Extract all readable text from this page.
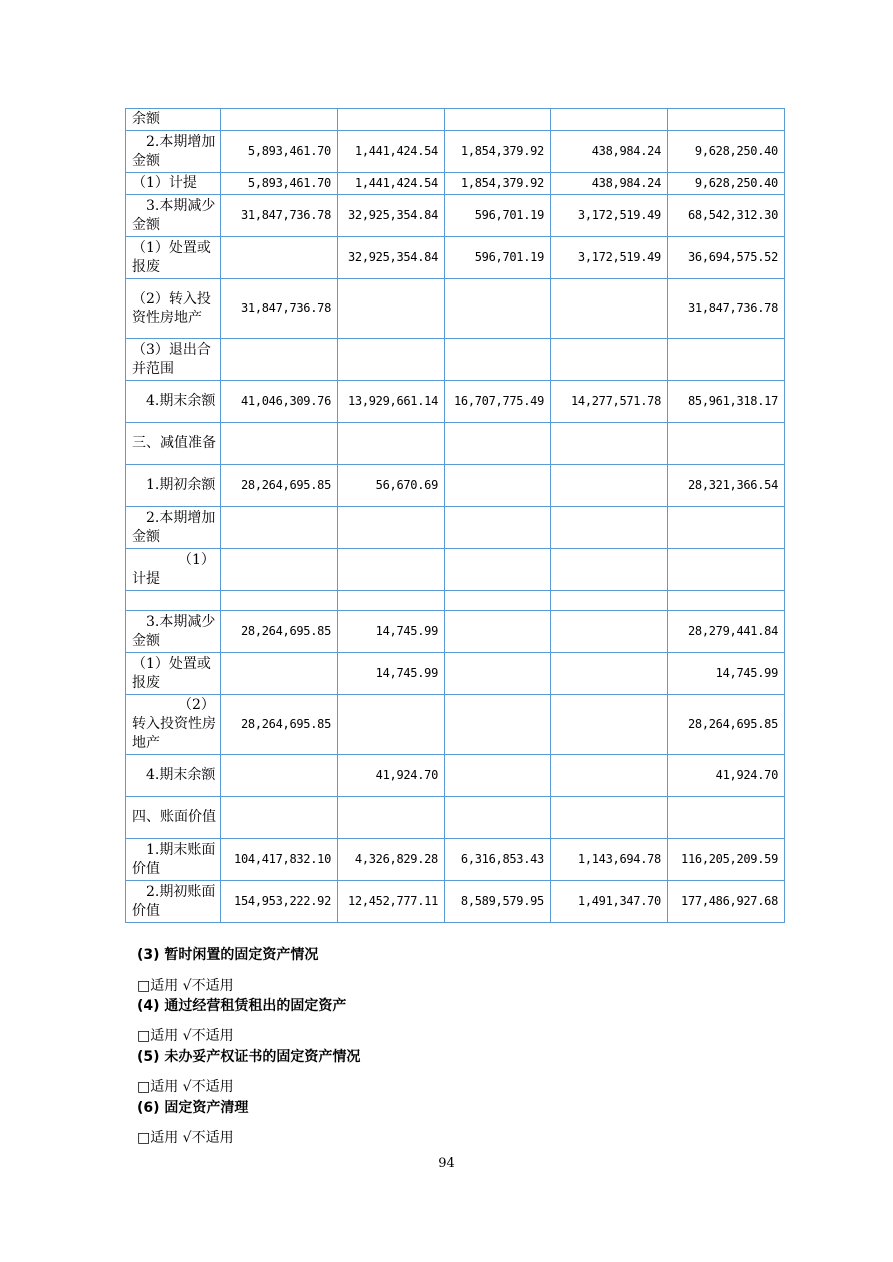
余额					
2.本期增加金额	5,893,461.70	1,441,424.54	1,854,379.92	438,984.24	9,628,250.40
（1）计提	5,893,461.70	1,441,424.54	1,854,379.92	438,984.24	9,628,250.40
3.本期减少金额	31,847,736.78	32,925,354.84	596,701.19	3,172,519.49	68,542,312.30
（1）处置或报废		32,925,354.84	596,701.19	3,172,519.49	36,694,575.52
（2）转入投资性房地产	31,847,736.78				31,847,736.78
（3）退出合并范围					
4.期末余额	41,046,309.76	13,929,661.14	16,707,775.49	14,277,571.78	85,961,318.17
三、减值准备					
1.期初余额	28,264,695.85	56,670.69			28,321,366.54
2.本期增加金额					
（1）计提					

3.本期减少金额	28,264,695.85	14,745.99			28,279,441.84
（1）处置或报废		14,745.99			14,745.99
（2）转入投资性房地产	28,264,695.85				28,264,695.85
4.期末余额		41,924.70			41,924.70
四、账面价值					
1.期末账面价值	104,417,832.10	4,326,829.28	6,316,853.43	1,143,694.78	116,205,209.59
2.期初账面价值	154,953,222.92	12,452,777.11	8,589,579.95	1,491,347.70	177,486,927.68
(3) 暂时闲置的固定资产情况
□适用 √不适用
(4) 通过经营租赁租出的固定资产
□适用 √不适用
(5) 未办妥产权证书的固定资产情况
□适用 √不适用
(6) 固定资产清理
□适用 √不适用
94
